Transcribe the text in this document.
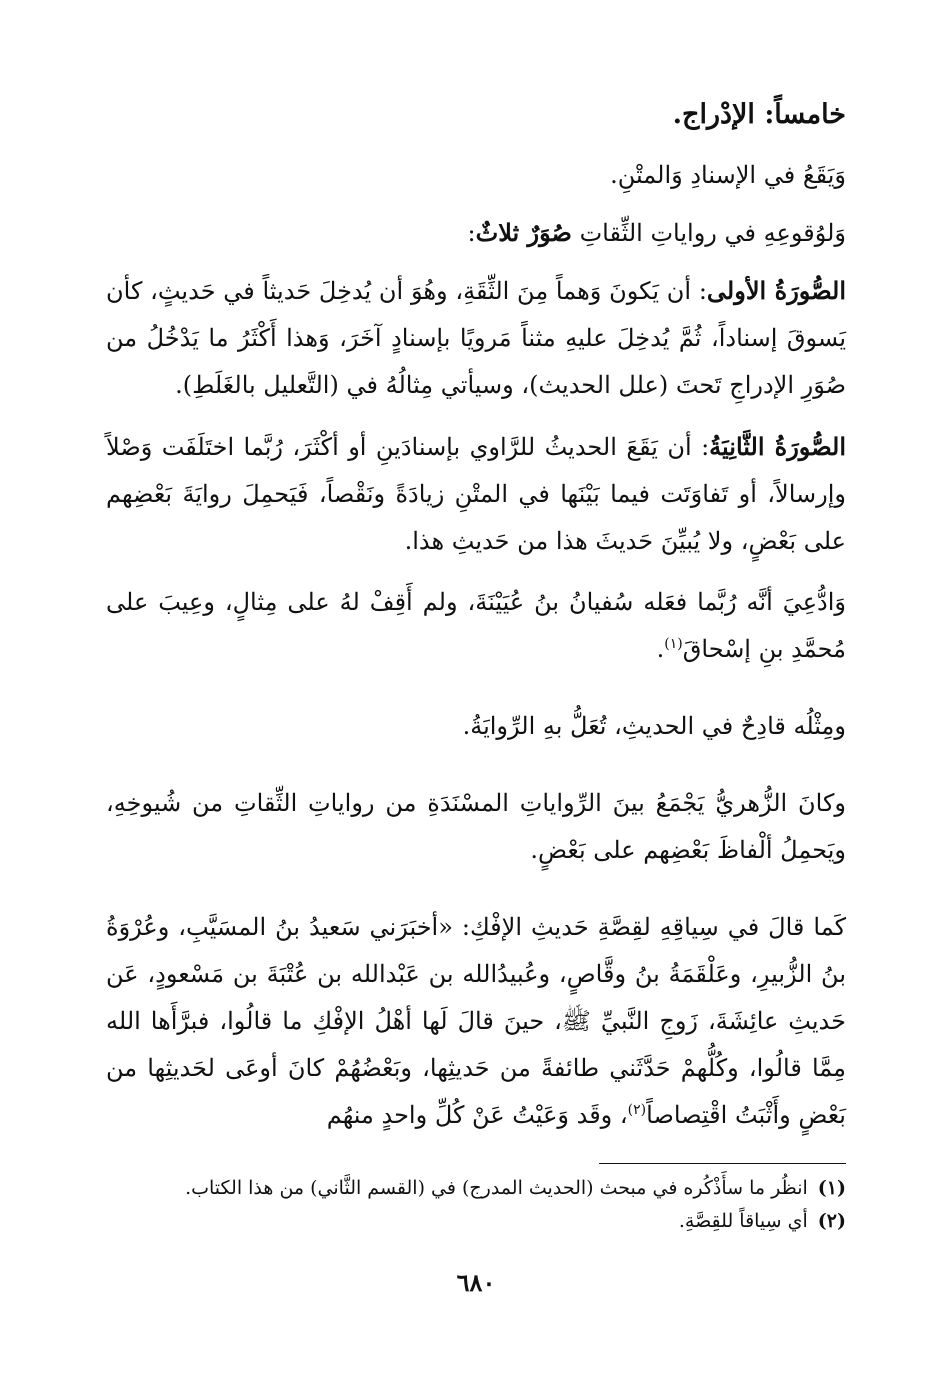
خامساً: الإدْراج.

وَيَقَعُ في الإسنادِ وَالمتْنِ.

وَلوُقوعِهِ في رواياتِ الثِّقاتِ صُوَرٌ ثلاثٌ:

الصُّورَةُ الأولى: أن يَكونَ وَهماً مِنَ الثِّقَةِ، وهُوَ أن يُدخِلَ حَديثاً في حَديثٍ، كأن يَسوقَ إسناداً، ثُمَّ يُدخِلَ عليهِ مثناً مَرويًا بإسنادٍ آخَرَ، وَهذا أَكْثَرُ ما يَدْخُلُ من صُوَرِ الإدراجِ تَحتَ (علل الحديث)، وسيأتي مِثالُهُ في (التَّعليل بالغَلَطِ).

الصُّورَةُ الثَّانِيَةُ: أن يَقَعَ الحديثُ للرَّاوي بإسنادَينِ أو أكْثَرَ، رُبَّما اختَلَفَت وَصْلاً وإرسالاً، أو تَفاوَتَت فيما بَيْنَها في المتْنِ زيادَةً ونَقْصاً، فَيَحمِلَ روايَةَ بَعْضِهم على بَعْضٍ، ولا يُبيِّنَ حَديثَ هذا من حَديثِ هذا.

وَادُّعِيَ أنَّه رُبَّما فعَله سُفيانُ بنُ عُيَيْنَةَ، ولم أَقِفْ لهُ على مِثالٍ، وعِيبَ على مُحمَّدِ بنِ إسْحاقَ$^{(١)}$.

ومِثْلُه قادِحٌ في الحديثِ، تُعَلُّ بهِ الرِّوايَةُ.

وكانَ الزُّهريُّ يَجْمَعُ بينَ الرِّواياتِ المسْنَدَةِ من رواياتِ الثِّقاتِ من شُيوخِهِ، ويَحمِلُ ألْفاظَ بَعْضِهم على بَعْضٍ.

كَما قالَ في سِياقِهِ لقِصَّةِ حَديثِ الإفْكِ: «أخبَرَني سَعيدُ بنُ المسَيَّبِ، وعُرْوَةُ بنُ الزُّبيرِ، وعَلْقَمَةُ بنُ وقَّاصٍ، وعُبيدُالله بن عَبْدالله بن عُتْبَةَ بن مَسْعودٍ، عَن حَديثِ عائِشَةَ، زَوجِ النَّبيِّ ﷺ، حينَ قالَ لَها أهْلُ الإفْكِ ما قالُوا، فبرَّأَها الله مِمَّا قالُوا، وكُلُّهمْ حَدَّثَني طائفةً من حَديثِها، وبَعْضُهُمْ كانَ أوعَى لحَديثِها من بَعْضٍ وأَثْبَتُ اقْتِصاصاً$^{(٢)}$، وقَد وَعَيْتُ عَنْ كُلِّ واحدٍ منهُم

(١)انظُر ما سأَذْكُره في مبحث (الحديث المدرج) في (القسم الثَّاني) من هذا الكتاب.
(٢)أي سِياقاً للقِصَّةِ.
٦٨٠
